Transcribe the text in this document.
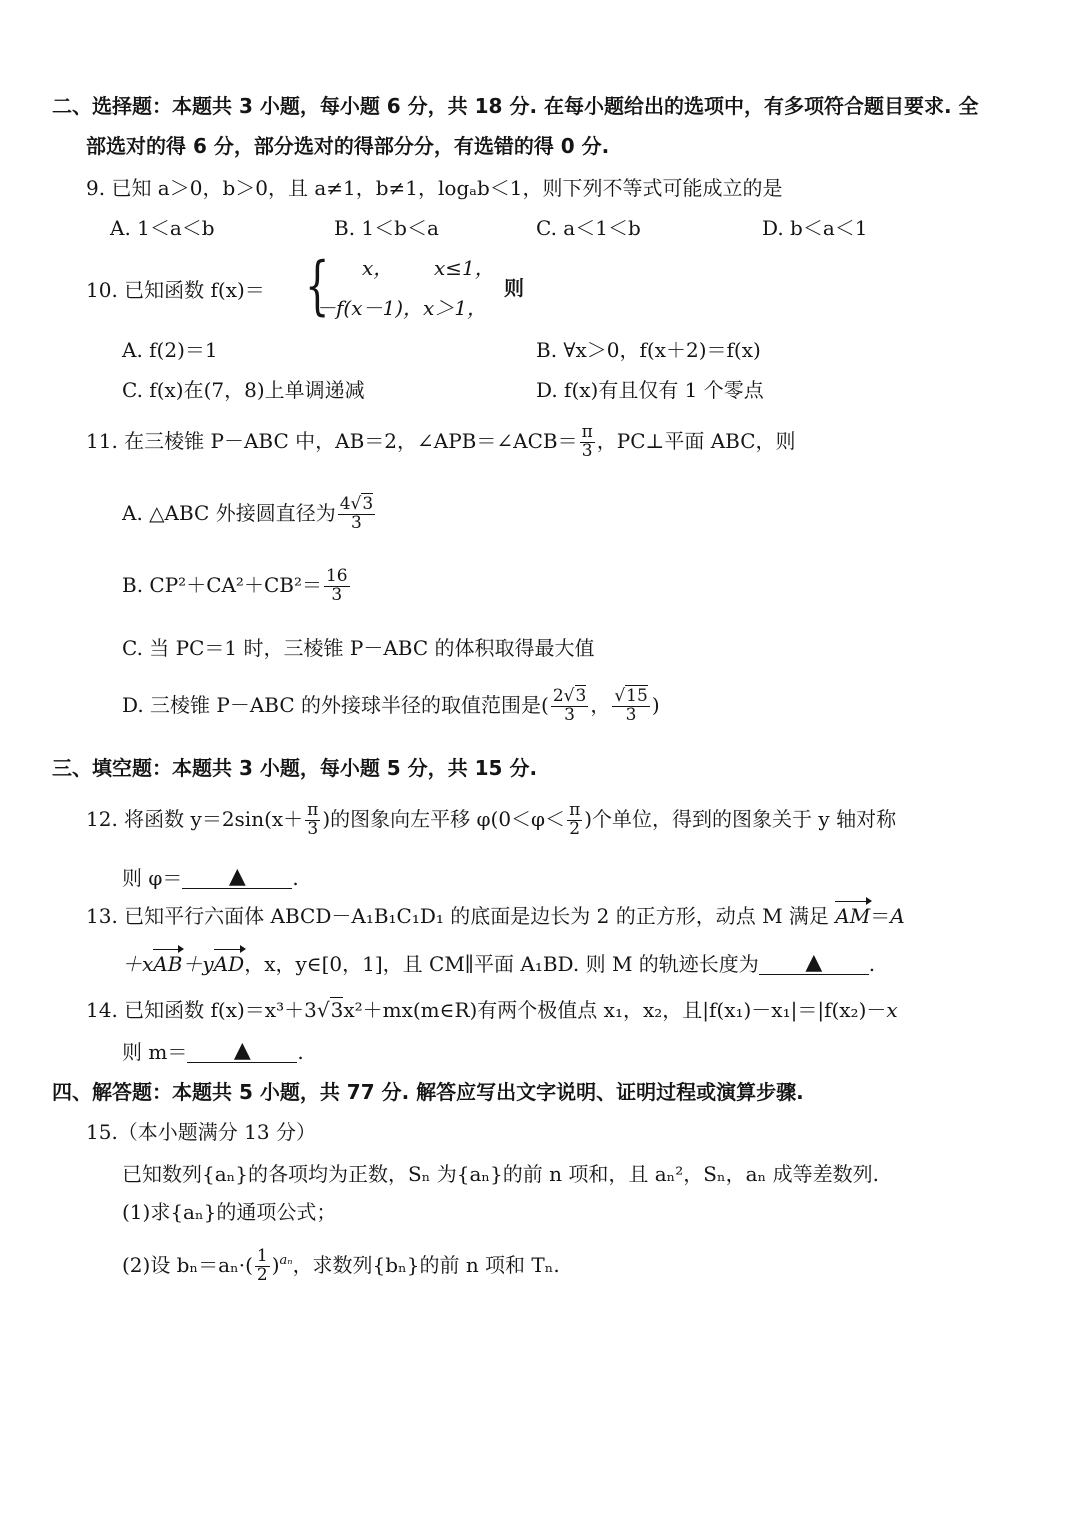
二、选择题：本题共 3 小题，每小题 6 分，共 18 分. 在每小题给出的选项中，有多项符合题目要求. 全
部选对的得 6 分，部分选对的得部分分，有选错的得 0 分.
9. 已知 a＞0，b＞0，且 a≠1，b≠1，logₐb＜1，则下列不等式可能成立的是
A. 1＜a＜b	B. 1＜b＜a	C. a＜1＜b	D. b＜a＜1
10. 已知函数 f(x)＝ { x， x≤1，
－f(x－1)，x＞1，
则
A. f(2)＝1	B. ∀x＞0，f(x＋2)＝f(x)
C. f(x)在(7，8)上单调递减	D. f(x)有且仅有 1 个零点
11. 在三棱锥 P－ABC 中，AB＝2，∠APB＝∠ACB＝ $\frac{\pi}{3}$ ，PC⊥平面 ABC，则
A. △ABC 外接圆直径为 $\frac{4√3}{3}$
B. $CP^2+CA^2+CB^2= \frac{16}{3}$
C. 当 PC＝1 时，三棱锥 P－ABC 的体积取得最大值
D. 三棱锥 P－ABC 的外接球半径的取值范围是( $\frac{2√3}{3}$ ， $\frac{√15}{3}$ )
三、填空题：本题共 3 小题，每小题 5 分，共 15 分.
12. 将函数 $y=2\sin(x+ \frac{\pi}{3}$ )的图象向左平移 $\varphi(0<\varphi< \frac{\pi}{2}$ )个单位，得到的图象关于 y 轴对称
则 φ＝ ▲ .
13. 已知平行六面体 ABCD－A₁B₁C₁D₁ 的底面是边长为 2 的正方形，动点 M 满足 AM＝A
＋xAB＋yAD，x，y∈[0，1]，且 CM∥平面 A₁BD. 则 M 的轨迹长度为 ▲ .
14. 已知函数 f(x)＝x³＋3√3x²＋mx(m∈R)有两个极值点 x₁，x₂，且|f(x₁)－x₁|＝|f(x₂)－x
则 m＝ ▲ .
四、解答题：本题共 5 小题，共 77 分. 解答应写出文字说明、证明过程或演算步骤.
15.（本小题满分 13 分）
已知数列{aₙ}的各项均为正数，Sₙ 为{aₙ}的前 n 项和，且 aₙ²，Sₙ，aₙ 成等差数列.
(1)求{aₙ}的通项公式；
(2)设 $b_n=a_n\cdot( \frac{1}{2} )^{a_n}$，求数列{bₙ}的前 n 项和 Tₙ.
